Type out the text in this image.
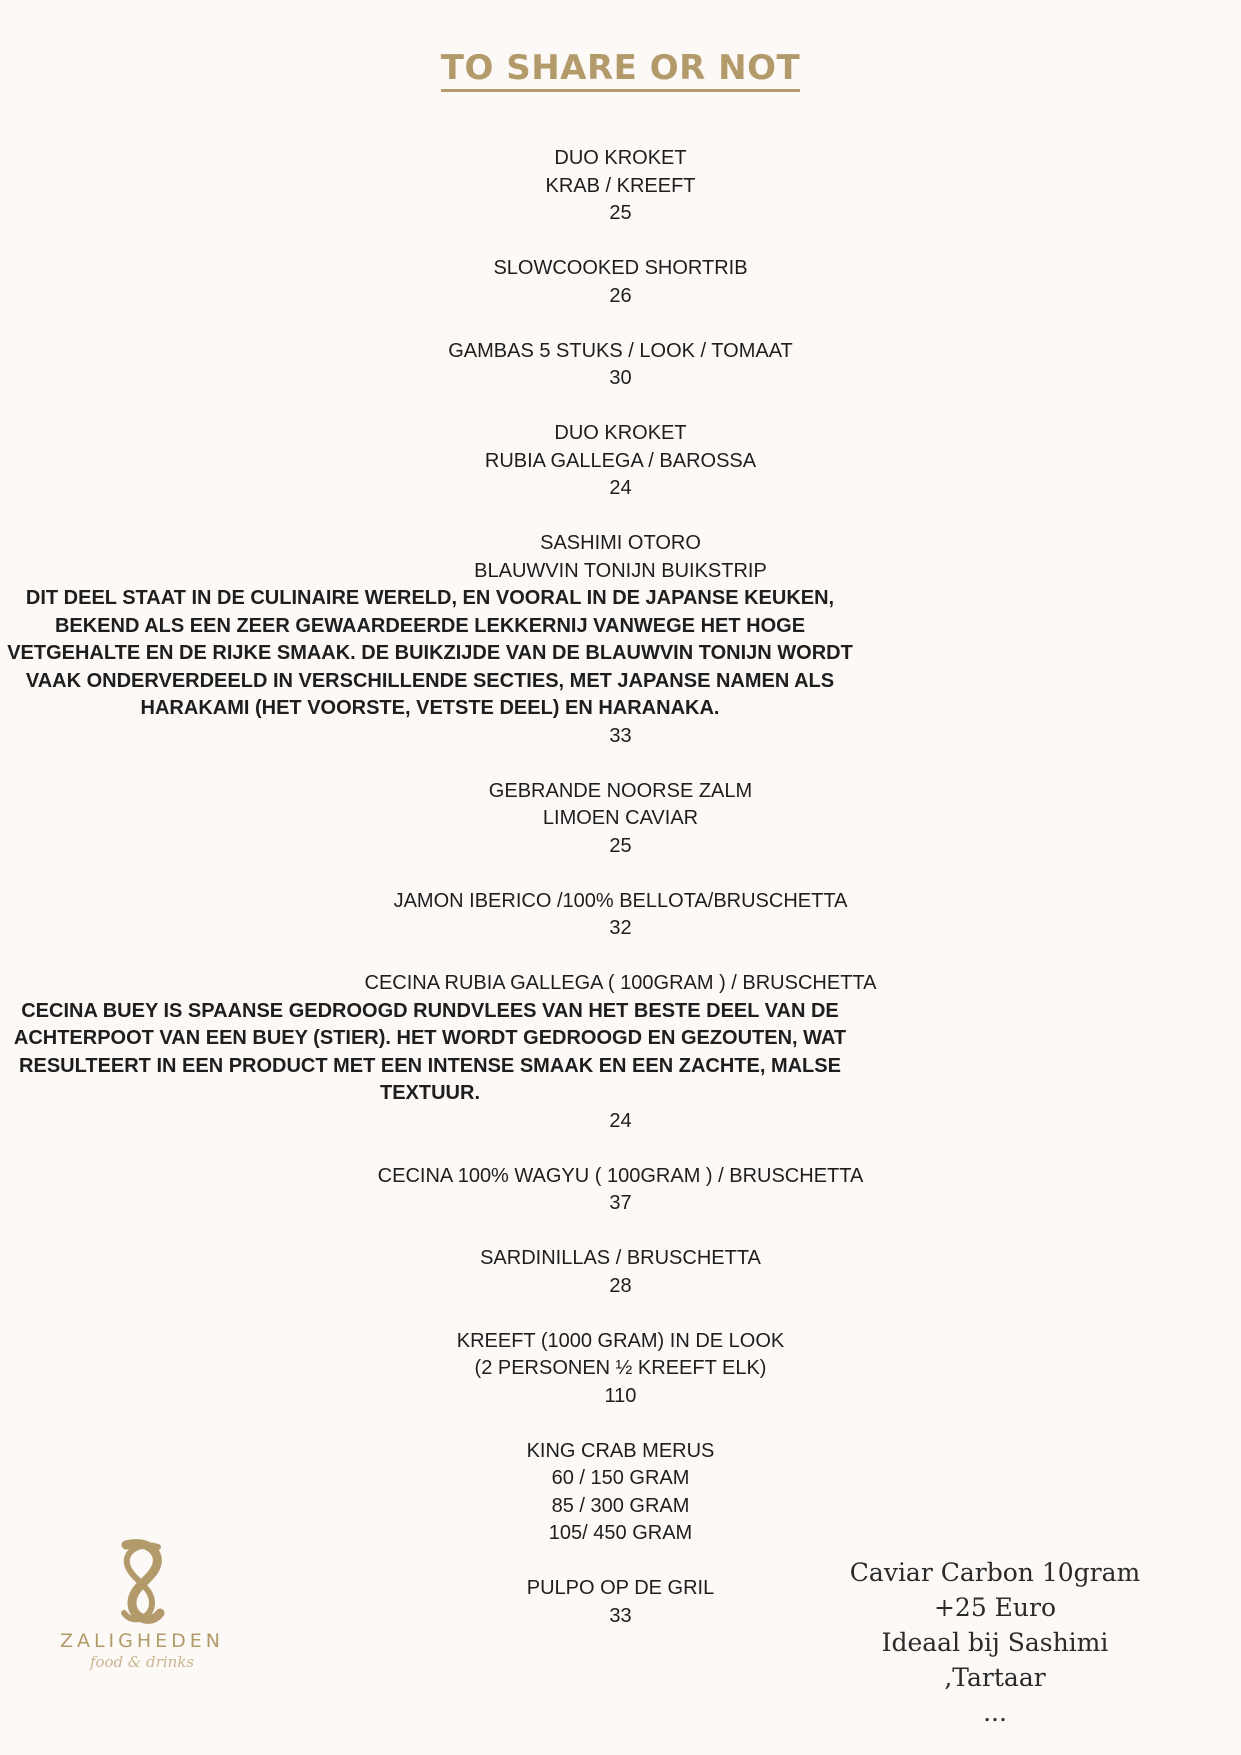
TO SHARE OR NOT
DUO KROKET
KRAB / KREEFT
25
SLOWCOOKED SHORTRIB
26
GAMBAS 5 STUKS / LOOK / TOMAAT
30
DUO KROKET
RUBIA GALLEGA / BAROSSA
24
SASHIMI OTORO
BLAUWVIN TONIJN BUIKSTRIP
DIT DEEL STAAT IN DE CULINAIRE WERELD, EN VOORAL IN DE JAPANSE KEUKEN, BEKEND ALS EEN ZEER GEWAARDEERDE LEKKERNIJ VANWEGE HET HOGE VETGEHALTE EN DE RIJKE SMAAK. DE BUIKZIJDE VAN DE BLAUWVIN TONIJN WORDT VAAK ONDERVERDEELD IN VERSCHILLENDE SECTIES, MET JAPANSE NAMEN ALS HARAKAMI (HET VOORSTE, VETSTE DEEL) EN HARANAKA.
33
GEBRANDE NOORSE ZALM
LIMOEN CAVIAR
25
JAMON IBERICO /100% BELLOTA/BRUSCHETTA
32
CECINA RUBIA GALLEGA ( 100GRAM ) / BRUSCHETTA
CECINA BUEY IS SPAANSE GEDROOGD RUNDVLEES VAN HET BESTE DEEL VAN DE ACHTERPOOT VAN EEN BUEY (STIER). HET WORDT GEDROOGD EN GEZOUTEN, WAT RESULTEERT IN EEN PRODUCT MET EEN INTENSE SMAAK EN EEN ZACHTE, MALSE TEXTUUR.
24
CECINA 100% WAGYU ( 100GRAM ) / BRUSCHETTA
37
SARDINILLAS / BRUSCHETTA
28
KREEFT (1000 GRAM) IN DE LOOK
(2 PERSONEN ½ KREEFT ELK)
110
KING CRAB MERUS
60 / 150 GRAM
85 / 300 GRAM
105/ 450 GRAM
PULPO OP DE GRIL
33
8
ZALIGHEDEN
food & drinks
Caviar Carbon 10gram
+25 Euro
Ideaal bij Sashimi ,Tartaar
...
